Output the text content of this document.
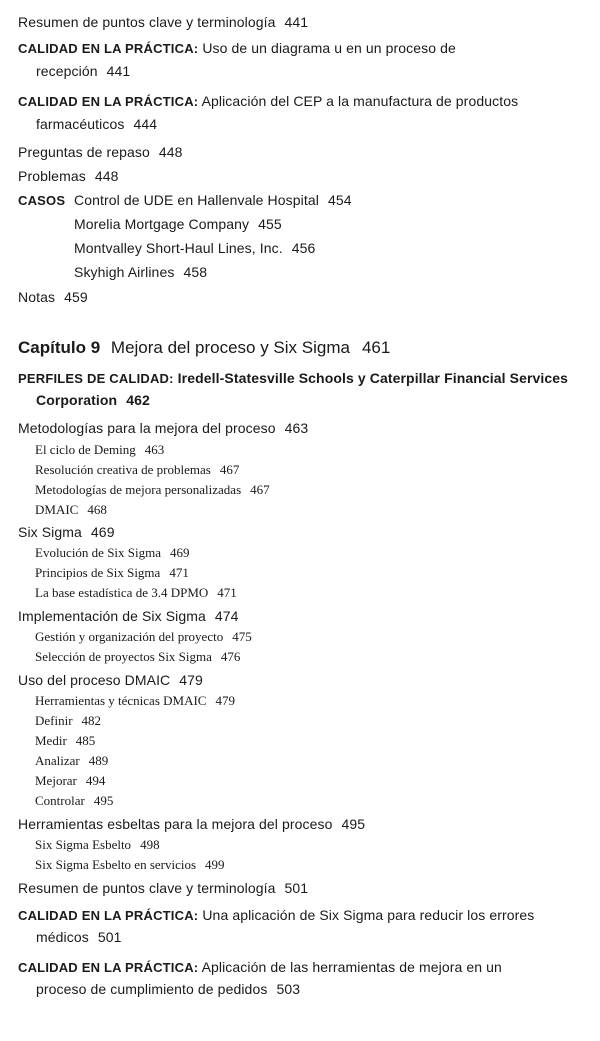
Resumen de puntos clave y terminología 441
CALIDAD EN LA PRÁCTICA: Uso de un diagrama u en un proceso de
recepción 441
CALIDAD EN LA PRÁCTICA: Aplicación del CEP a la manufactura de productos
farmacéuticos 444
Preguntas de repaso 448
Problemas 448
CASOS Control de UDE en Hallenvale Hospital 454
Morelia Mortgage Company 455
Montvalley Short-Haul Lines, Inc. 456
Skyhigh Airlines 458
Notas 459
Capítulo 9 Mejora del proceso y Six Sigma 461
PERFILES DE CALIDAD: Iredell-Statesville Schools y Caterpillar Financial Services
Corporation 462
Metodologías para la mejora del proceso 463
El ciclo de Deming 463
Resolución creativa de problemas 467
Metodologías de mejora personalizadas 467
DMAIC 468
Six Sigma 469
Evolución de Six Sigma 469
Principios de Six Sigma 471
La base estadística de 3.4 DPMO 471
Implementación de Six Sigma 474
Gestión y organización del proyecto 475
Selección de proyectos Six Sigma 476
Uso del proceso DMAIC 479
Herramientas y técnicas DMAIC 479
Definir 482
Medir 485
Analizar 489
Mejorar 494
Controlar 495
Herramientas esbeltas para la mejora del proceso 495
Six Sigma Esbelto 498
Six Sigma Esbelto en servicios 499
Resumen de puntos clave y terminología 501
CALIDAD EN LA PRÁCTICA: Una aplicación de Six Sigma para reducir los errores
médicos 501
CALIDAD EN LA PRÁCTICA: Aplicación de las herramientas de mejora en un
proceso de cumplimiento de pedidos 503
